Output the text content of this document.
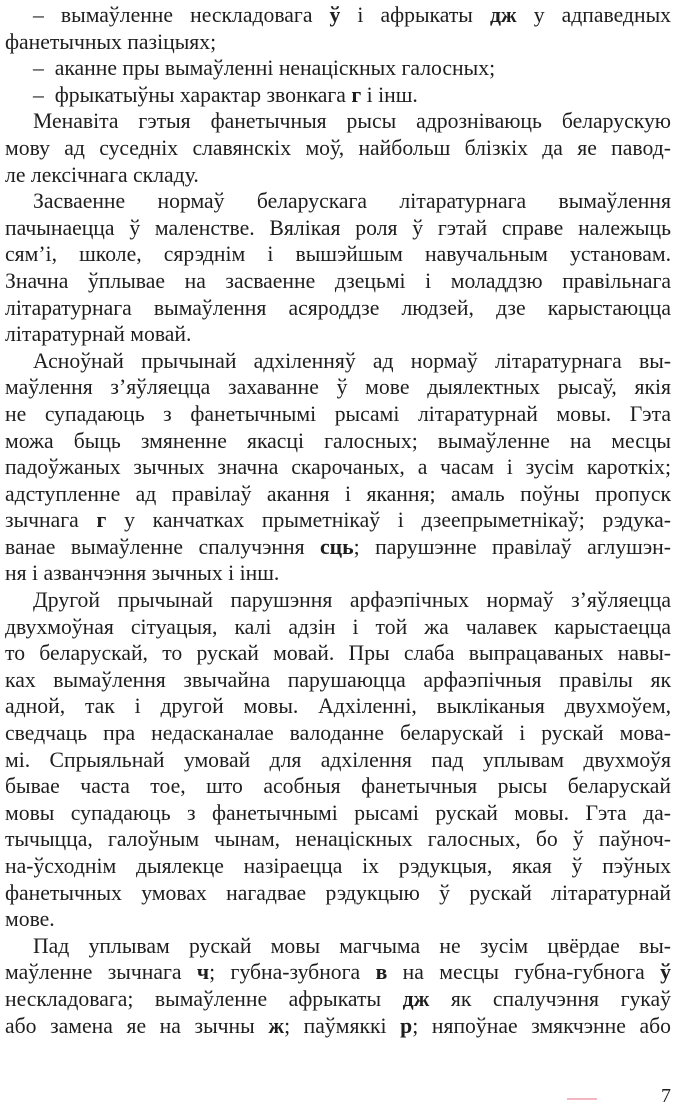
– вымаўленне нескладовага ў і афрыкаты дж у адпаведных
фанетычных пазіцыях;
–  аканне пры вымаўленні ненаціскных галосных;
–  фрыкатыўны характар звонкага г і інш.
Менавіта гэтыя фанетычныя рысы адрозніваюць беларускую
мову ад суседніх славянскіх моў, найбольш блізкіх да яе павод-
ле лексічнага складу.
Засваенне нормаў беларускага літаратурнага вымаўлення
пачынаецца ў маленстве. Вялікая роля ў гэтай справе належыць
сям’і, школе, сярэднім і вышэйшым навучальным установам.
Значна ўплывае на засваенне дзецьмі і моладдзю правільнага
літаратурнага вымаўлення асяроддзе людзей, дзе карыстаюцца
літаратурнай мовай.
Асноўнай прычынай адхіленняў ад нормаў літаратурнага вы-
маўлення з’яўляецца захаванне ў мове дыялектных рысаў, якія
не супадаюць з фанетычнымі рысамі літаратурнай мовы. Гэта
можа быць змяненне якасці галосных; вымаўленне на месцы
падоўжаных зычных значна скарочаных, а часам і зусім кароткіх;
адступленне ад правілаў акання і якання; амаль поўны пропуск
зычнага г у канчатках прыметнікаў і дзеепрыметнікаў; рэдука-
ванае вымаўленне спалучэння сць; парушэнне правілаў аглушэн-
ня і азванчэння зычных і інш.
Другой прычынай парушэння арфаэпічных нормаў з’яўляецца
двухмоўная сітуацыя, калі адзін і той жа чалавек карыстаецца
то беларускай, то рускай мовай. Пры слаба выпрацаваных навы-
ках вымаўлення звычайна парушаюцца арфаэпічныя правілы як
адной, так і другой мовы. Адхіленні, выкліканыя двухмоўем,
сведчаць пра недасканалае валоданне беларускай і рускай мова-
мі. Спрыяльнай умовай для адхілення пад уплывам двухмоўя
бывае часта тое, што асобныя фанетычныя рысы беларускай
мовы супадаюць з фанетычнымі рысамі рускай мовы. Гэта да-
тычыцца, галоўным чынам, ненаціскных галосных, бо ў паўноч-
на-ўсходнім дыялекце назіраецца іх рэдукцыя, якая ў пэўных
фанетычных умовах нагадвае рэдукцыю ў рускай літаратурнай
мове.
Пад уплывам рускай мовы магчыма не зусім цвёрдае вы-
маўленне зычнага ч; губна-зубнога в на месцы губна-губнога ў
нескладовага; вымаўленне афрыкаты дж як спалучэння гукаў
або замена яе на зычны ж; паўмяккі р; няпоўнае змякчэнне або
7
